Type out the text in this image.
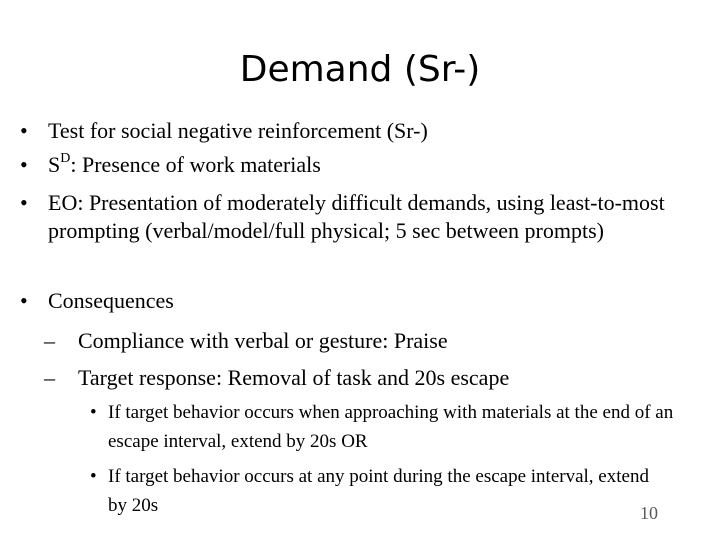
Demand (Sr-)
• Test for social negative reinforcement (Sr-)
• $S^D$: Presence of work materials
• EO: Presentation of moderately difficult demands, using least-to-most prompting (verbal/model/full physical; 5 sec between prompts)
• Consequences
– Compliance with verbal or gesture: Praise
– Target response: Removal of task and 20s escape
• If target behavior occurs when approaching with materials at the end of an escape interval, extend by 20s OR
• If target behavior occurs at any point during the escape interval, extend by 20s	10
